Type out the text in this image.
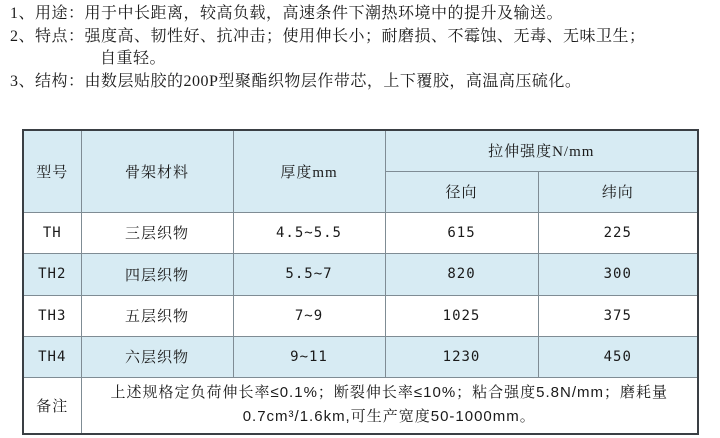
1、用途：用于中长距离，较高负载，高速条件下潮热环境中的提升及输送。
2、特点：强度高、韧性好、抗冲击；使用伸长小；耐磨损、不霉蚀、无毒、无味卫生；
自重轻。
3、结构：由数层贴胶的200P型聚酯织物层作带芯，上下覆胶，高温高压硫化。
型号	骨架材料	厚度mm	拉伸强度N/mm	
			径向	纬向
TH	三层织物	4.5~5.5	615	225
TH2	四层织物	5.5~7	820	300
TH3	五层织物	7~9	1025	375
TH4	六层织物	9~11	1230	450
备注	上述规格定负荷伸长率≤0.1%；断裂伸长率≤10%；粘合强度5.8N/mm；磨耗量0.7cm³/1.6km,可生产宽度50-1000mm。			
